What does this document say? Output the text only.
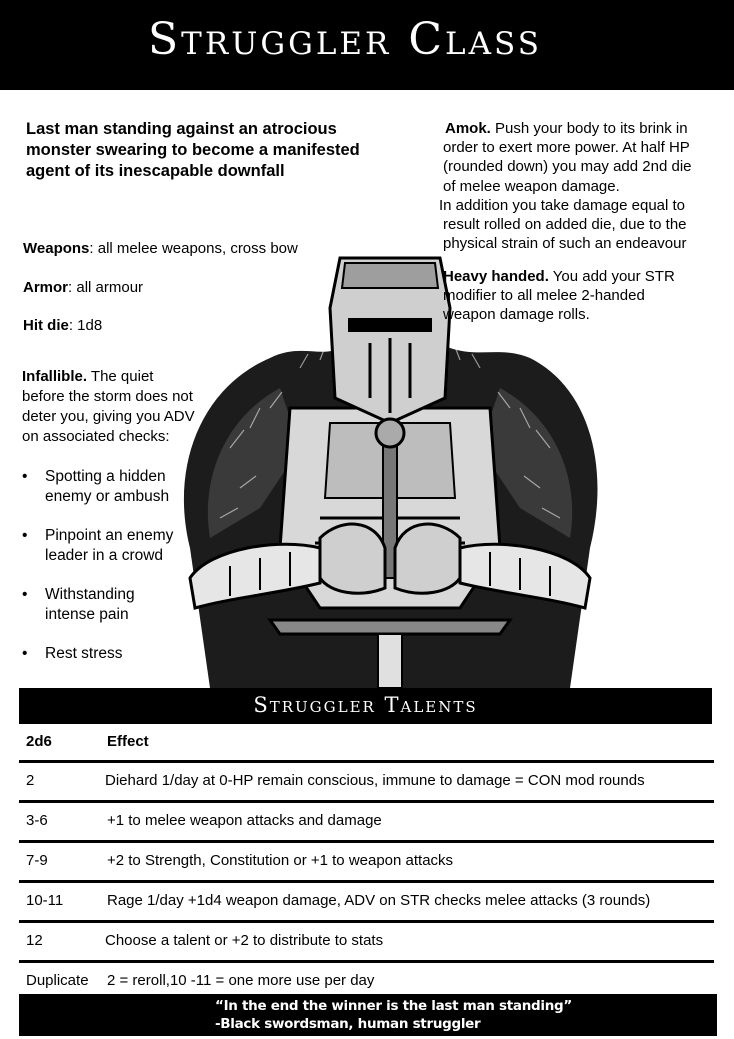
Struggler Class
Last man standing against an atrocious monster swearing to become a manifested agent of its inescapable downfall
Weapons: all melee weapons, cross bow
Armor: all armour
Hit die: 1d8
Infallible. The quiet
before the storm does not
deter you, giving you ADV
on associated checks:
• Spotting a hidden
enemy or ambush
• Pinpoint an enemy
leader in a crowd
• Withstanding
intense pain
• Rest stress
Amok. Push your body to its brink in
order to exert more power. At half HP
(rounded down) you may add 2nd die
of melee weapon damage.
In addition you take damage equal to
result rolled on added die, due to the
physical strain of such an endeavour
Heavy handed. You add your STR
modifier to all melee 2-handed
weapon damage rolls.
Struggler Talents
2d6	Effect
2	Diehard 1/day at 0-HP remain conscious, immune to damage = CON mod rounds
3-6	+1 to melee weapon attacks and damage
7-9	+2 to Strength, Constitution or +1 to weapon attacks
10-11	Rage 1/day +1d4 weapon damage, ADV on STR checks melee attacks (3 rounds)
12	Choose a talent or +2 to distribute to stats
Duplicate 2 = reroll,10 -11 = one more use per day
“In the end the winner is the last man standing”
-Black swordsman, human struggler
